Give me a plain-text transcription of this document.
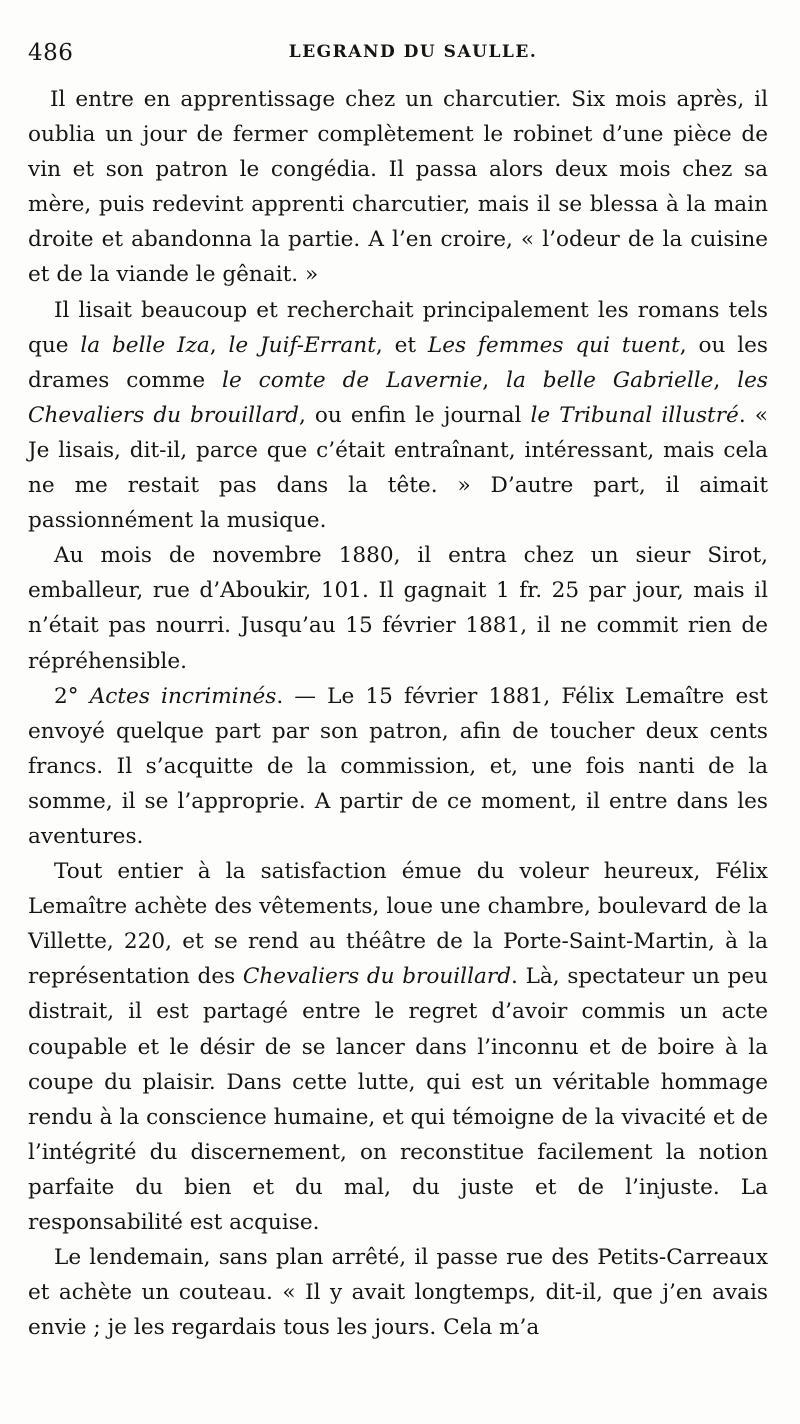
486	LEGRAND DU SAULLE.

Il entre en apprentissage chez un charcutier. Six mois après, il oublia un jour de fermer complètement le robinet d’une pièce de vin et son patron le congédia. Il passa alors deux mois chez sa mère, puis redevint apprenti charcutier, mais il se blessa à la main droite et abandonna la partie. A l’en croire, « l’odeur de la cuisine et de la viande le gênait. »

Il lisait beaucoup et recherchait principalement les romans tels que la belle Iza, le Juif-Errant, et Les femmes qui tuent, ou les drames comme le comte de Lavernie, la belle Gabrielle, les Chevaliers du brouillard, ou enfin le journal le Tribunal illustré. « Je lisais, dit-il, parce que c’était entraînant, intéressant, mais cela ne me restait pas dans la tête. » D’autre part, il aimait passionnément la musique.

Au mois de novembre 1880, il entra chez un sieur Sirot, emballeur, rue d’Aboukir, 101. Il gagnait 1 fr. 25 par jour, mais il n’était pas nourri. Jusqu’au 15 février 1881, il ne commit rien de répréhensible.

2° Actes incriminés. — Le 15 février 1881, Félix Lemaître est envoyé quelque part par son patron, afin de toucher deux cents francs. Il s’acquitte de la commission, et, une fois nanti de la somme, il se l’approprie. A partir de ce moment, il entre dans les aventures.

Tout entier à la satisfaction émue du voleur heureux, Félix Lemaître achète des vêtements, loue une chambre, boulevard de la Villette, 220, et se rend au théâtre de la Porte-Saint-Martin, à la représentation des Chevaliers du brouillard. Là, spectateur un peu distrait, il est partagé entre le regret d’avoir commis un acte coupable et le désir de se lancer dans l’inconnu et de boire à la coupe du plaisir. Dans cette lutte, qui est un véritable hommage rendu à la conscience humaine, et qui témoigne de la vivacité et de l’intégrité du discernement, on reconstitue facilement la notion parfaite du bien et du mal, du juste et de l’injuste. La responsabilité est acquise.

Le lendemain, sans plan arrêté, il passe rue des Petits-Carreaux et achète un couteau. « Il y avait longtemps, dit-il, que j’en avais envie ; je les regardais tous les jours. Cela m’a
